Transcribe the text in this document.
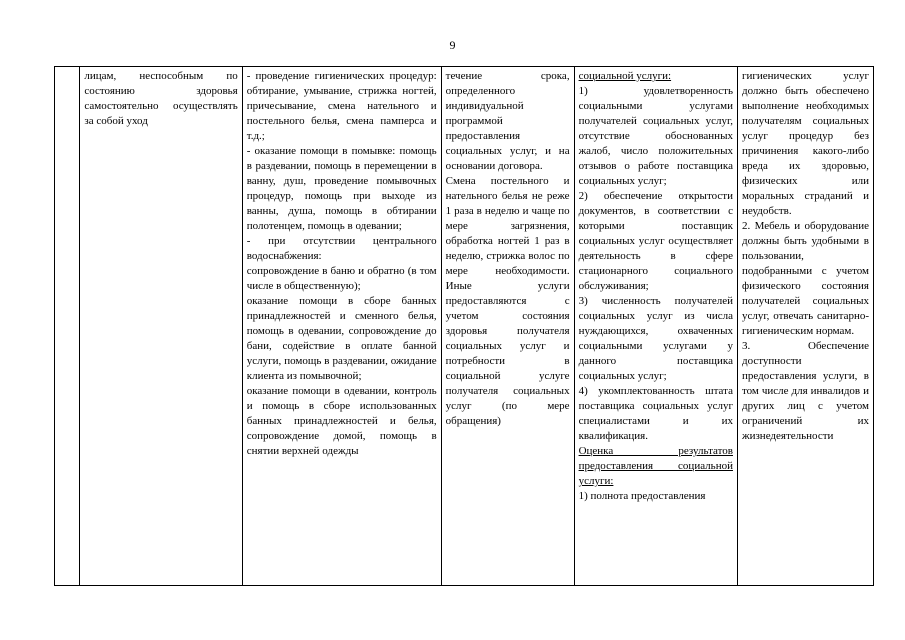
9

лицам, неспособным по состоянию здоровья самостоятельно осуществлять за собой уход

- проведение гигиенических процедур: обтирание, умывание, стрижка ногтей, причесывание, смена нательного и постельного белья, смена памперса и т.д.;
- оказание помощи в помывке: помощь в раздевании, помощь в перемещении в ванну, душ, проведение помывочных процедур, помощь при выходе из ванны, душа, помощь в обтирании полотенцем, помощь в одевании;
- при отсутствии центрального водоснабжения:
сопровождение в баню и обратно (в том числе в общественную);
оказание помощи в сборе банных принадлежностей и сменного белья, помощь в одевании, сопровождение до бани, содействие в оплате банной услуги, помощь в раздевании, ожидание клиента из помывочной;
оказание помощи в одевании, контроль и помощь в сборе использованных банных принадлежностей и белья, сопровождение домой, помощь в снятии верхней одежды

течение срока, определенного индивидуальной программой предоставления социальных услуг, и на основании договора.
Смена постельного и нательного белья не реже 1 раза в неделю и чаще по мере загрязнения, обработка ногтей 1 раз в неделю, стрижка волос по мере необходимости. Иные услуги предоставляются с учетом состояния здоровья получателя социальных услуг и потребности в социальной услуге получателя социальных услуг (по мере обращения)

социальной услуги:
1) удовлетворенность социальными услугами получателей социальных услуг, отсутствие обоснованных жалоб, число положительных отзывов о работе поставщика социальных услуг;
2) обеспечение открытости документов, в соответствии с которыми поставщик социальных услуг осуществляет деятельность в сфере стационарного социального обслуживания;
3) численность получателей социальных услуг из числа нуждающихся, охваченных социальными услугами у данного поставщика социальных услуг;
4) укомплектованность штата поставщика социальных услуг специалистами и их квалификация.
Оценка результатов предоставления социальной услуги:
1) полнота предоставления

гигиенических услуг должно быть обеспечено выполнение необходимых получателям социальных услуг процедур без причинения какого-либо вреда их здоровью, физических или моральных страданий и неудобств.
2. Мебель и оборудование должны быть удобными в пользовании, подобранными с учетом физического состояния получателей социальных услуг, отвечать санитарно-гигиеническим нормам.
3. Обеспечение доступности предоставления услуги, в том числе для инвалидов и других лиц с учетом ограничений их жизнедеятельности
